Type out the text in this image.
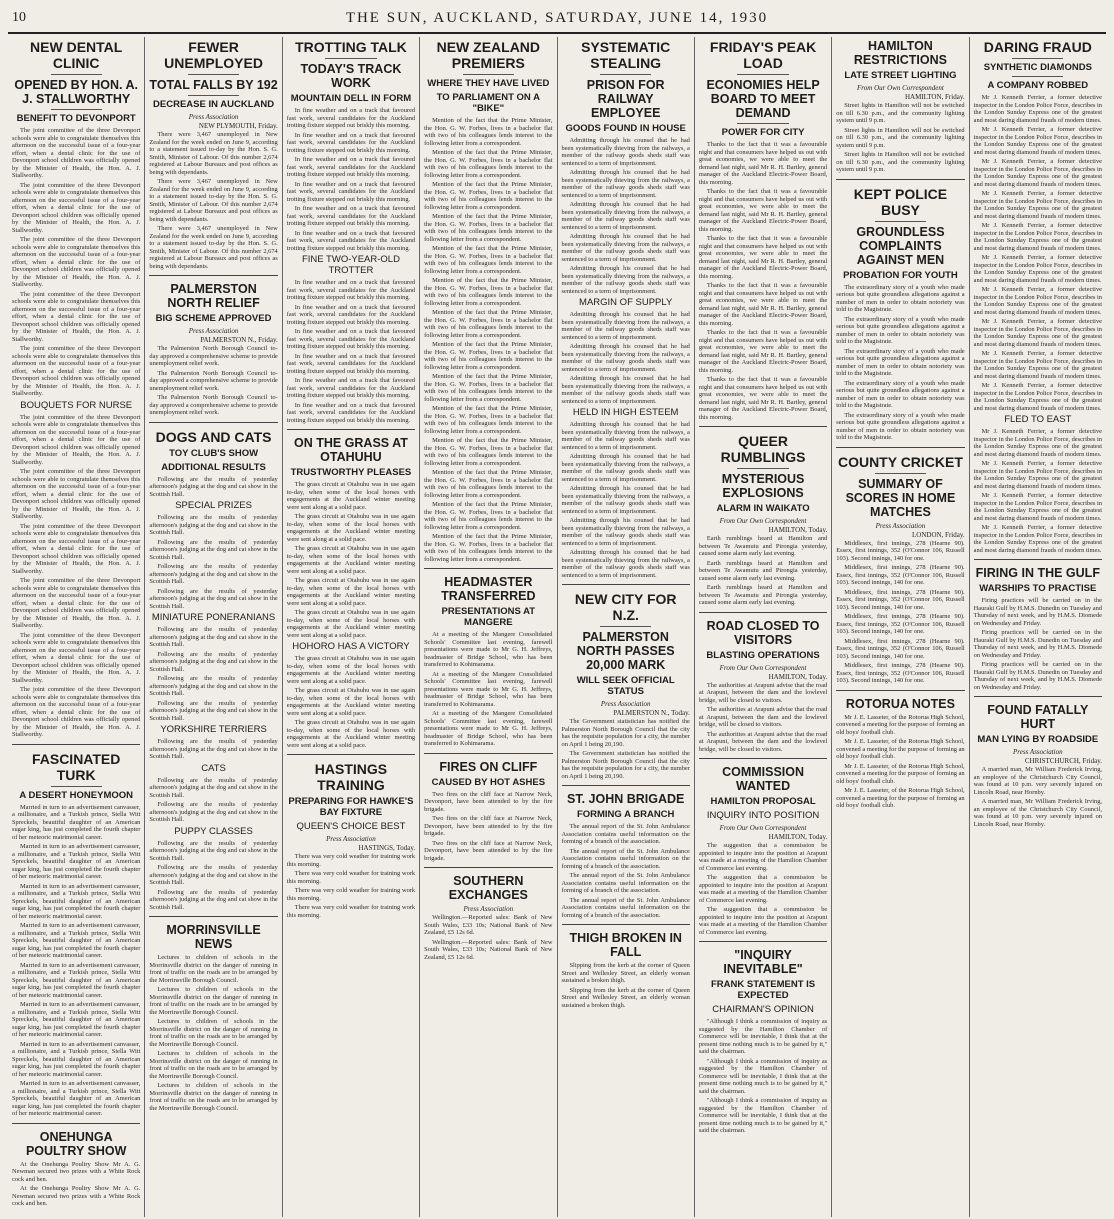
10	THE SUN, AUCKLAND, SATURDAY, JUNE 14, 1930
NEW DENTAL CLINIC
OPENED BY HON. A. J. STALLWORTHY
BENEFIT TO DEVONPORT

The joint committee of the three Devonport schools were able to congratulate themselves this afternoon on the successful issue of a four-year effort, when a dental clinic for the use of Devonport school children was officially opened by the Minister of Health, the Hon. A. J. Stallworthy.

The joint committee of the three Devonport schools were able to congratulate themselves this afternoon on the successful issue of a four-year effort, when a dental clinic for the use of Devonport school children was officially opened by the Minister of Health, the Hon. A. J. Stallworthy.

The joint committee of the three Devonport schools were able to congratulate themselves this afternoon on the successful issue of a four-year effort, when a dental clinic for the use of Devonport school children was officially opened by the Minister of Health, the Hon. A. J. Stallworthy.

The joint committee of the three Devonport schools were able to congratulate themselves this afternoon on the successful issue of a four-year effort, when a dental clinic for the use of Devonport school children was officially opened by the Minister of Health, the Hon. A. J. Stallworthy.

The joint committee of the three Devonport schools were able to congratulate themselves this afternoon on the successful issue of a four-year effort, when a dental clinic for the use of Devonport school children was officially opened by the Minister of Health, the Hon. A. J. Stallworthy.

BOUQUETS FOR NURSE

The joint committee of the three Devonport schools were able to congratulate themselves this afternoon on the successful issue of a four-year effort, when a dental clinic for the use of Devonport school children was officially opened by the Minister of Health, the Hon. A. J. Stallworthy.

The joint committee of the three Devonport schools were able to congratulate themselves this afternoon on the successful issue of a four-year effort, when a dental clinic for the use of Devonport school children was officially opened by the Minister of Health, the Hon. A. J. Stallworthy.

The joint committee of the three Devonport schools were able to congratulate themselves this afternoon on the successful issue of a four-year effort, when a dental clinic for the use of Devonport school children was officially opened by the Minister of Health, the Hon. A. J. Stallworthy.

The joint committee of the three Devonport schools were able to congratulate themselves this afternoon on the successful issue of a four-year effort, when a dental clinic for the use of Devonport school children was officially opened by the Minister of Health, the Hon. A. J. Stallworthy.

The joint committee of the three Devonport schools were able to congratulate themselves this afternoon on the successful issue of a four-year effort, when a dental clinic for the use of Devonport school children was officially opened by the Minister of Health, the Hon. A. J. Stallworthy.

The joint committee of the three Devonport schools were able to congratulate themselves this afternoon on the successful issue of a four-year effort, when a dental clinic for the use of Devonport school children was officially opened by the Minister of Health, the Hon. A. J. Stallworthy.

FASCINATED TURK
A DESERT HONEYMOON

Married in turn to an advertisement canvasser, a millionaire, and a Turkish prince, Stella Witt Spreckels, beautiful daughter of an American sugar king, has just completed the fourth chapter of her meteoric matrimonial career.

Married in turn to an advertisement canvasser, a millionaire, and a Turkish prince, Stella Witt Spreckels, beautiful daughter of an American sugar king, has just completed the fourth chapter of her meteoric matrimonial career.

Married in turn to an advertisement canvasser, a millionaire, and a Turkish prince, Stella Witt Spreckels, beautiful daughter of an American sugar king, has just completed the fourth chapter of her meteoric matrimonial career.

Married in turn to an advertisement canvasser, a millionaire, and a Turkish prince, Stella Witt Spreckels, beautiful daughter of an American sugar king, has just completed the fourth chapter of her meteoric matrimonial career.

Married in turn to an advertisement canvasser, a millionaire, and a Turkish prince, Stella Witt Spreckels, beautiful daughter of an American sugar king, has just completed the fourth chapter of her meteoric matrimonial career.

Married in turn to an advertisement canvasser, a millionaire, and a Turkish prince, Stella Witt Spreckels, beautiful daughter of an American sugar king, has just completed the fourth chapter of her meteoric matrimonial career.

Married in turn to an advertisement canvasser, a millionaire, and a Turkish prince, Stella Witt Spreckels, beautiful daughter of an American sugar king, has just completed the fourth chapter of her meteoric matrimonial career.

Married in turn to an advertisement canvasser, a millionaire, and a Turkish prince, Stella Witt Spreckels, beautiful daughter of an American sugar king, has just completed the fourth chapter of her meteoric matrimonial career.

ONEHUNGA POULTRY SHOW

At the Onehunga Poultry Show Mr A. G. Newman secured two prizes with a White Rock cock and hen.

At the Onehunga Poultry Show Mr A. G. Newman secured two prizes with a White Rock cock and hen.

FEWER UNEMPLOYED
TOTAL FALLS BY 192
DECREASE IN AUCKLAND
Press Association
NEW PLYMOUTH, Friday.

There were 3,467 unemployed in New Zealand for the week ended on June 9, according to a statement issued to-day by the Hon. S. G. Smith, Minister of Labour. Of this number 2,674 registered at Labour Bureaux and post offices as being with dependants.

There were 3,467 unemployed in New Zealand for the week ended on June 9, according to a statement issued to-day by the Hon. S. G. Smith, Minister of Labour. Of this number 2,674 registered at Labour Bureaux and post offices as being with dependants.

There were 3,467 unemployed in New Zealand for the week ended on June 9, according to a statement issued to-day by the Hon. S. G. Smith, Minister of Labour. Of this number 2,674 registered at Labour Bureaux and post offices as being with dependants.

PALMERSTON NORTH RELIEF
BIG SCHEME APPROVED
Press Association
PALMERSTON N., Friday.

The Palmerston North Borough Council to-day approved a comprehensive scheme to provide unemployment relief work.

The Palmerston North Borough Council to-day approved a comprehensive scheme to provide unemployment relief work.

The Palmerston North Borough Council to-day approved a comprehensive scheme to provide unemployment relief work.

DOGS AND CATS
TOY CLUB'S SHOW
ADDITIONAL RESULTS

Following are the results of yesterday afternoon's judging at the dog and cat show in the Scottish Hall.

SPECIAL PRIZES

Following are the results of yesterday afternoon's judging at the dog and cat show in the Scottish Hall.

Following are the results of yesterday afternoon's judging at the dog and cat show in the Scottish Hall.

Following are the results of yesterday afternoon's judging at the dog and cat show in the Scottish Hall.

Following are the results of yesterday afternoon's judging at the dog and cat show in the Scottish Hall.

MINIATURE PONERANIANS

Following are the results of yesterday afternoon's judging at the dog and cat show in the Scottish Hall.

Following are the results of yesterday afternoon's judging at the dog and cat show in the Scottish Hall.

Following are the results of yesterday afternoon's judging at the dog and cat show in the Scottish Hall.

Following are the results of yesterday afternoon's judging at the dog and cat show in the Scottish Hall.

YORKSHIRE TERRIERS

Following are the results of yesterday afternoon's judging at the dog and cat show in the Scottish Hall.

CATS

Following are the results of yesterday afternoon's judging at the dog and cat show in the Scottish Hall.

Following are the results of yesterday afternoon's judging at the dog and cat show in the Scottish Hall.

PUPPY CLASSES

Following are the results of yesterday afternoon's judging at the dog and cat show in the Scottish Hall.

Following are the results of yesterday afternoon's judging at the dog and cat show in the Scottish Hall.

Following are the results of yesterday afternoon's judging at the dog and cat show in the Scottish Hall.

MORRINSVILLE NEWS

Lectures to children of schools in the Morrinsville district on the danger of running in front of traffic on the roads are to be arranged by the Morrinsville Borough Council.

Lectures to children of schools in the Morrinsville district on the danger of running in front of traffic on the roads are to be arranged by the Morrinsville Borough Council.

Lectures to children of schools in the Morrinsville district on the danger of running in front of traffic on the roads are to be arranged by the Morrinsville Borough Council.

Lectures to children of schools in the Morrinsville district on the danger of running in front of traffic on the roads are to be arranged by the Morrinsville Borough Council.

Lectures to children of schools in the Morrinsville district on the danger of running in front of traffic on the roads are to be arranged by the Morrinsville Borough Council.

TROTTING TALK
TODAY'S TRACK WORK
MOUNTAIN DELL IN FORM

In fine weather and on a track that favoured fast work, several candidates for the Auckland trotting fixture stepped out briskly this morning.

In fine weather and on a track that favoured fast work, several candidates for the Auckland trotting fixture stepped out briskly this morning.

In fine weather and on a track that favoured fast work, several candidates for the Auckland trotting fixture stepped out briskly this morning.

In fine weather and on a track that favoured fast work, several candidates for the Auckland trotting fixture stepped out briskly this morning.

In fine weather and on a track that favoured fast work, several candidates for the Auckland trotting fixture stepped out briskly this morning.

In fine weather and on a track that favoured fast work, several candidates for the Auckland trotting fixture stepped out briskly this morning.

FINE TWO-YEAR-OLD TROTTER

In fine weather and on a track that favoured fast work, several candidates for the Auckland trotting fixture stepped out briskly this morning.

In fine weather and on a track that favoured fast work, several candidates for the Auckland trotting fixture stepped out briskly this morning.

In fine weather and on a track that favoured fast work, several candidates for the Auckland trotting fixture stepped out briskly this morning.

In fine weather and on a track that favoured fast work, several candidates for the Auckland trotting fixture stepped out briskly this morning.

In fine weather and on a track that favoured fast work, several candidates for the Auckland trotting fixture stepped out briskly this morning.

In fine weather and on a track that favoured fast work, several candidates for the Auckland trotting fixture stepped out briskly this morning.

ON THE GRASS AT OTAHUHU
TRUSTWORTHY PLEASES

The grass circuit at Otahuhu was in use again to-day, when some of the local horses with engagements at the Auckland winter meeting were sent along at a solid pace.

The grass circuit at Otahuhu was in use again to-day, when some of the local horses with engagements at the Auckland winter meeting were sent along at a solid pace.

The grass circuit at Otahuhu was in use again to-day, when some of the local horses with engagements at the Auckland winter meeting were sent along at a solid pace.

The grass circuit at Otahuhu was in use again to-day, when some of the local horses with engagements at the Auckland winter meeting were sent along at a solid pace.

The grass circuit at Otahuhu was in use again to-day, when some of the local horses with engagements at the Auckland winter meeting were sent along at a solid pace.

HOHORO HAS A VICTORY

The grass circuit at Otahuhu was in use again to-day, when some of the local horses with engagements at the Auckland winter meeting were sent along at a solid pace.

The grass circuit at Otahuhu was in use again to-day, when some of the local horses with engagements at the Auckland winter meeting were sent along at a solid pace.

The grass circuit at Otahuhu was in use again to-day, when some of the local horses with engagements at the Auckland winter meeting were sent along at a solid pace.

HASTINGS TRAINING
PREPARING FOR HAWKE'S BAY FIXTURE
QUEEN'S CHOICE BEST
Press Association
HASTINGS, Today.

There was very cold weather for training work this morning.

There was very cold weather for training work this morning.

There was very cold weather for training work this morning.

There was very cold weather for training work this morning.

NEW ZEALAND PREMIERS
WHERE THEY HAVE LIVED
TO PARLIAMENT ON A "BIKE"

Mention of the fact that the Prime Minister, the Hon. G. W. Forbes, lives in a bachelor flat with two of his colleagues lends interest to the following letter from a correspondent.

Mention of the fact that the Prime Minister, the Hon. G. W. Forbes, lives in a bachelor flat with two of his colleagues lends interest to the following letter from a correspondent.

Mention of the fact that the Prime Minister, the Hon. G. W. Forbes, lives in a bachelor flat with two of his colleagues lends interest to the following letter from a correspondent.

Mention of the fact that the Prime Minister, the Hon. G. W. Forbes, lives in a bachelor flat with two of his colleagues lends interest to the following letter from a correspondent.

Mention of the fact that the Prime Minister, the Hon. G. W. Forbes, lives in a bachelor flat with two of his colleagues lends interest to the following letter from a correspondent.

Mention of the fact that the Prime Minister, the Hon. G. W. Forbes, lives in a bachelor flat with two of his colleagues lends interest to the following letter from a correspondent.

Mention of the fact that the Prime Minister, the Hon. G. W. Forbes, lives in a bachelor flat with two of his colleagues lends interest to the following letter from a correspondent.

Mention of the fact that the Prime Minister, the Hon. G. W. Forbes, lives in a bachelor flat with two of his colleagues lends interest to the following letter from a correspondent.

Mention of the fact that the Prime Minister, the Hon. G. W. Forbes, lives in a bachelor flat with two of his colleagues lends interest to the following letter from a correspondent.

Mention of the fact that the Prime Minister, the Hon. G. W. Forbes, lives in a bachelor flat with two of his colleagues lends interest to the following letter from a correspondent.

Mention of the fact that the Prime Minister, the Hon. G. W. Forbes, lives in a bachelor flat with two of his colleagues lends interest to the following letter from a correspondent.

Mention of the fact that the Prime Minister, the Hon. G. W. Forbes, lives in a bachelor flat with two of his colleagues lends interest to the following letter from a correspondent.

Mention of the fact that the Prime Minister, the Hon. G. W. Forbes, lives in a bachelor flat with two of his colleagues lends interest to the following letter from a correspondent.

Mention of the fact that the Prime Minister, the Hon. G. W. Forbes, lives in a bachelor flat with two of his colleagues lends interest to the following letter from a correspondent.

HEADMASTER TRANSFERRED
PRESENTATIONS AT MANGERE

At a meeting of the Mangere Consolidated Schools' Committee last evening, farewell presentations were made to Mr G. H. Jeffreys, headmaster of Bridge School, who has been transferred to Kohimarama.

At a meeting of the Mangere Consolidated Schools' Committee last evening, farewell presentations were made to Mr G. H. Jeffreys, headmaster of Bridge School, who has been transferred to Kohimarama.

At a meeting of the Mangere Consolidated Schools' Committee last evening, farewell presentations were made to Mr G. H. Jeffreys, headmaster of Bridge School, who has been transferred to Kohimarama.

FIRES ON CLIFF
CAUSED BY HOT ASHES

Two fires on the cliff face at Narrow Neck, Devonport, have been attended to by the fire brigade.

Two fires on the cliff face at Narrow Neck, Devonport, have been attended to by the fire brigade.

Two fires on the cliff face at Narrow Neck, Devonport, have been attended to by the fire brigade.

SOUTHERN EXCHANGES
Press Association

Wellington.—Reported sales: Bank of New South Wales, £33 10s; National Bank of New Zealand, £5 12s 6d.

Wellington.—Reported sales: Bank of New South Wales, £33 10s; National Bank of New Zealand, £5 12s 6d.

SYSTEMATIC STEALING
PRISON FOR RAILWAY EMPLOYEE
GOODS FOUND IN HOUSE

Admitting through his counsel that he had been systematically thieving from the railways, a member of the railway goods sheds staff was sentenced to a term of imprisonment.

Admitting through his counsel that he had been systematically thieving from the railways, a member of the railway goods sheds staff was sentenced to a term of imprisonment.

Admitting through his counsel that he had been systematically thieving from the railways, a member of the railway goods sheds staff was sentenced to a term of imprisonment.

Admitting through his counsel that he had been systematically thieving from the railways, a member of the railway goods sheds staff was sentenced to a term of imprisonment.

Admitting through his counsel that he had been systematically thieving from the railways, a member of the railway goods sheds staff was sentenced to a term of imprisonment.

MARGIN OF SUPPLY

Admitting through his counsel that he had been systematically thieving from the railways, a member of the railway goods sheds staff was sentenced to a term of imprisonment.

Admitting through his counsel that he had been systematically thieving from the railways, a member of the railway goods sheds staff was sentenced to a term of imprisonment.

Admitting through his counsel that he had been systematically thieving from the railways, a member of the railway goods sheds staff was sentenced to a term of imprisonment.

HELD IN HIGH ESTEEM

Admitting through his counsel that he had been systematically thieving from the railways, a member of the railway goods sheds staff was sentenced to a term of imprisonment.

Admitting through his counsel that he had been systematically thieving from the railways, a member of the railway goods sheds staff was sentenced to a term of imprisonment.

Admitting through his counsel that he had been systematically thieving from the railways, a member of the railway goods sheds staff was sentenced to a term of imprisonment.

Admitting through his counsel that he had been systematically thieving from the railways, a member of the railway goods sheds staff was sentenced to a term of imprisonment.

Admitting through his counsel that he had been systematically thieving from the railways, a member of the railway goods sheds staff was sentenced to a term of imprisonment.

NEW CITY FOR N.Z.
PALMERSTON NORTH PASSES 20,000 MARK
WILL SEEK OFFICIAL STATUS
Press Association
PALMERSTON N., Today.

The Government statistician has notified the Palmerston North Borough Council that the city has the requisite population for a city, the number on April 1 being 20,190.

The Government statistician has notified the Palmerston North Borough Council that the city has the requisite population for a city, the number on April 1 being 20,190.

ST. JOHN BRIGADE
FORMING A BRANCH

The annual report of the St. John Ambulance Association contains useful information on the forming of a branch of the association.

The annual report of the St. John Ambulance Association contains useful information on the forming of a branch of the association.

The annual report of the St. John Ambulance Association contains useful information on the forming of a branch of the association.

The annual report of the St. John Ambulance Association contains useful information on the forming of a branch of the association.

THIGH BROKEN IN FALL

Slipping from the kerb at the corner of Queen Street and Wellesley Street, an elderly woman sustained a broken thigh.

Slipping from the kerb at the corner of Queen Street and Wellesley Street, an elderly woman sustained a broken thigh.

FRIDAY'S PEAK LOAD
ECONOMIES HELP BOARD TO MEET DEMAND
POWER FOR CITY

Thanks to the fact that it was a favourable night and that consumers have helped us out with great economies, we were able to meet the demand last night, said Mr R. H. Bartley, general manager of the Auckland Electric-Power Board, this morning.

Thanks to the fact that it was a favourable night and that consumers have helped us out with great economies, we were able to meet the demand last night, said Mr R. H. Bartley, general manager of the Auckland Electric-Power Board, this morning.

Thanks to the fact that it was a favourable night and that consumers have helped us out with great economies, we were able to meet the demand last night, said Mr R. H. Bartley, general manager of the Auckland Electric-Power Board, this morning.

Thanks to the fact that it was a favourable night and that consumers have helped us out with great economies, we were able to meet the demand last night, said Mr R. H. Bartley, general manager of the Auckland Electric-Power Board, this morning.

Thanks to the fact that it was a favourable night and that consumers have helped us out with great economies, we were able to meet the demand last night, said Mr R. H. Bartley, general manager of the Auckland Electric-Power Board, this morning.

Thanks to the fact that it was a favourable night and that consumers have helped us out with great economies, we were able to meet the demand last night, said Mr R. H. Bartley, general manager of the Auckland Electric-Power Board, this morning.

QUEER RUMBLINGS
MYSTERIOUS EXPLOSIONS
ALARM IN WAIKATO
From Our Own Correspondent
HAMILTON, Today.

Earth rumblings heard at Hamilton and between Te Awamutu and Pirongia yesterday, caused some alarm early last evening.

Earth rumblings heard at Hamilton and between Te Awamutu and Pirongia yesterday, caused some alarm early last evening.

Earth rumblings heard at Hamilton and between Te Awamutu and Pirongia yesterday, caused some alarm early last evening.

ROAD CLOSED TO VISITORS
BLASTING OPERATIONS
From Our Own Correspondent
HAMILTON, Today.

The authorities at Arapuni advise that the road at Arapuni, between the dam and the lowlevel bridge, will be closed to visitors.

The authorities at Arapuni advise that the road at Arapuni, between the dam and the lowlevel bridge, will be closed to visitors.

The authorities at Arapuni advise that the road at Arapuni, between the dam and the lowlevel bridge, will be closed to visitors.

COMMISSION WANTED
HAMILTON PROPOSAL
INQUIRY INTO POSITION
From Our Own Correspondent
HAMILTON, Today.

The suggestion that a commission be appointed to inquire into the position at Arapuni was made at a meeting of the Hamilton Chamber of Commerce last evening.

The suggestion that a commission be appointed to inquire into the position at Arapuni was made at a meeting of the Hamilton Chamber of Commerce last evening.

The suggestion that a commission be appointed to inquire into the position at Arapuni was made at a meeting of the Hamilton Chamber of Commerce last evening.

"INQUIRY INEVITABLE"
FRANK STATEMENT IS EXPECTED
CHAIRMAN'S OPINION

"Although I think a commission of inquiry as suggested by the Hamilton Chamber of Commerce will be inevitable, I think that at the present time nothing much is to be gained by it," said the chairman.

"Although I think a commission of inquiry as suggested by the Hamilton Chamber of Commerce will be inevitable, I think that at the present time nothing much is to be gained by it," said the chairman.

"Although I think a commission of inquiry as suggested by the Hamilton Chamber of Commerce will be inevitable, I think that at the present time nothing much is to be gained by it," said the chairman.

HAMILTON RESTRICTIONS
LATE STREET LIGHTING
From Our Own Correspondent
HAMILTON, Friday.

Street lights in Hamilton will not be switched on till 6.30 p.m., and the community lighting system until 9 p.m.

Street lights in Hamilton will not be switched on till 6.30 p.m., and the community lighting system until 9 p.m.

Street lights in Hamilton will not be switched on till 6.30 p.m., and the community lighting system until 9 p.m.

KEPT POLICE BUSY
GROUNDLESS COMPLAINTS AGAINST MEN
PROBATION FOR YOUTH

The extraordinary story of a youth who made serious but quite groundless allegations against a number of men in order to obtain notoriety was told to the Magistrate.

The extraordinary story of a youth who made serious but quite groundless allegations against a number of men in order to obtain notoriety was told to the Magistrate.

The extraordinary story of a youth who made serious but quite groundless allegations against a number of men in order to obtain notoriety was told to the Magistrate.

The extraordinary story of a youth who made serious but quite groundless allegations against a number of men in order to obtain notoriety was told to the Magistrate.

The extraordinary story of a youth who made serious but quite groundless allegations against a number of men in order to obtain notoriety was told to the Magistrate.

COUNTY CRICKET
SUMMARY OF SCORES IN HOME MATCHES
Press Association
LONDON, Friday.

Middlesex, first innings, 278 (Hearne 90). Essex, first innings, 352 (O'Connor 106, Russell 103). Second innings, 140 for one.

Middlesex, first innings, 278 (Hearne 90). Essex, first innings, 352 (O'Connor 106, Russell 103). Second innings, 140 for one.

Middlesex, first innings, 278 (Hearne 90). Essex, first innings, 352 (O'Connor 106, Russell 103). Second innings, 140 for one.

Middlesex, first innings, 278 (Hearne 90). Essex, first innings, 352 (O'Connor 106, Russell 103). Second innings, 140 for one.

Middlesex, first innings, 278 (Hearne 90). Essex, first innings, 352 (O'Connor 106, Russell 103). Second innings, 140 for one.

Middlesex, first innings, 278 (Hearne 90). Essex, first innings, 352 (O'Connor 106, Russell 103). Second innings, 140 for one.

ROTORUA NOTES

Mr J. E. Lasseter, of the Rotorua High School, convened a meeting for the purpose of forming an old boys' football club.

Mr J. E. Lasseter, of the Rotorua High School, convened a meeting for the purpose of forming an old boys' football club.

Mr J. E. Lasseter, of the Rotorua High School, convened a meeting for the purpose of forming an old boys' football club.

Mr J. E. Lasseter, of the Rotorua High School, convened a meeting for the purpose of forming an old boys' football club.

DARING FRAUD
SYNTHETIC DIAMONDS
A COMPANY ROBBED

Mr J. Kenneth Ferrier, a former detective inspector in the London Police Force, describes in the London Sunday Express one of the greatest and most daring diamond frauds of modern times.

Mr J. Kenneth Ferrier, a former detective inspector in the London Police Force, describes in the London Sunday Express one of the greatest and most daring diamond frauds of modern times.

Mr J. Kenneth Ferrier, a former detective inspector in the London Police Force, describes in the London Sunday Express one of the greatest and most daring diamond frauds of modern times.

Mr J. Kenneth Ferrier, a former detective inspector in the London Police Force, describes in the London Sunday Express one of the greatest and most daring diamond frauds of modern times.

Mr J. Kenneth Ferrier, a former detective inspector in the London Police Force, describes in the London Sunday Express one of the greatest and most daring diamond frauds of modern times.

Mr J. Kenneth Ferrier, a former detective inspector in the London Police Force, describes in the London Sunday Express one of the greatest and most daring diamond frauds of modern times.

Mr J. Kenneth Ferrier, a former detective inspector in the London Police Force, describes in the London Sunday Express one of the greatest and most daring diamond frauds of modern times.

Mr J. Kenneth Ferrier, a former detective inspector in the London Police Force, describes in the London Sunday Express one of the greatest and most daring diamond frauds of modern times.

Mr J. Kenneth Ferrier, a former detective inspector in the London Police Force, describes in the London Sunday Express one of the greatest and most daring diamond frauds of modern times.

Mr J. Kenneth Ferrier, a former detective inspector in the London Police Force, describes in the London Sunday Express one of the greatest and most daring diamond frauds of modern times.

FLED TO EAST

Mr J. Kenneth Ferrier, a former detective inspector in the London Police Force, describes in the London Sunday Express one of the greatest and most daring diamond frauds of modern times.

Mr J. Kenneth Ferrier, a former detective inspector in the London Police Force, describes in the London Sunday Express one of the greatest and most daring diamond frauds of modern times.

Mr J. Kenneth Ferrier, a former detective inspector in the London Police Force, describes in the London Sunday Express one of the greatest and most daring diamond frauds of modern times.

Mr J. Kenneth Ferrier, a former detective inspector in the London Police Force, describes in the London Sunday Express one of the greatest and most daring diamond frauds of modern times.

FIRING IN THE GULF
WARSHIPS TO PRACTISE

Firing practices will be carried on in the Hauraki Gulf by H.M.S. Dunedin on Tuesday and Thursday of next week, and by H.M.S. Diomede on Wednesday and Friday.

Firing practices will be carried on in the Hauraki Gulf by H.M.S. Dunedin on Tuesday and Thursday of next week, and by H.M.S. Diomede on Wednesday and Friday.

Firing practices will be carried on in the Hauraki Gulf by H.M.S. Dunedin on Tuesday and Thursday of next week, and by H.M.S. Diomede on Wednesday and Friday.

FOUND FATALLY HURT
MAN LYING BY ROADSIDE
Press Association
CHRISTCHURCH, Friday.

A married man, Mr William Frederick Irving, an employee of the Christchurch City Council, was found at 10 p.m. very severely injured on Lincoln Road, near Hornby.

A married man, Mr William Frederick Irving, an employee of the Christchurch City Council, was found at 10 p.m. very severely injured on Lincoln Road, near Hornby.
